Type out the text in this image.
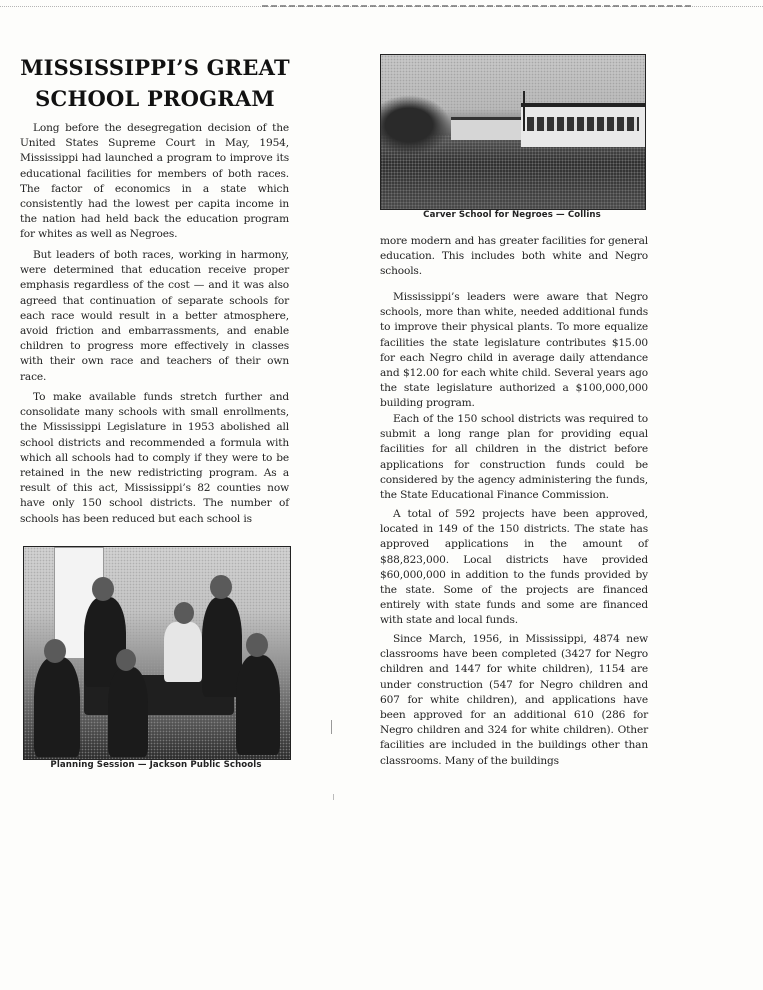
MISSISSIPPI’S GREAT
SCHOOL PROGRAM

Long before the desegregation decision of the United States Supreme Court in May, 1954, Mississippi had launched a program to improve its educational facilities for members of both races. The factor of economics in a state which consistently had the lowest per capita income in the nation had held back the education program for whites as well as Negroes.

But leaders of both races, working in harmony, were determined that education receive proper emphasis regardless of the cost — and it was also agreed that continuation of separate schools for each race would result in a better atmosphere, avoid friction and embarrassments, and enable children to progress more effectively in classes with their own race and teachers of their own race.

To make available funds stretch further and consolidate many schools with small enrollments, the Mississippi Legislature in 1953 abolished all school districts and recommended a formula with which all schools had to comply if they were to be retained in the new redistricting program. As a result of this act, Mississippi’s 82 counties now have only 150 school districts. The number of schools has been reduced but each school is

Planning Session — Jackson Public Schools
Carver School for Negroes — Collins

more modern and has greater facilities for general education. This includes both white and Negro schools.

Mississippi’s leaders were aware that Negro schools, more than white, needed additional funds to improve their physical plants. To more equalize facilities the state legislature contributes $15.00 for each Negro child in average daily attendance and $12.00 for each white child. Several years ago the state legislature authorized a $100,000,000 building program.

Each of the 150 school districts was required to submit a long range plan for providing equal facilities for all children in the district before applications for construction funds could be considered by the agency administering the funds, the State Educational Finance Commission.

A total of 592 projects have been approved, located in 149 of the 150 districts. The state has approved applications in the amount of $88,823,000. Local districts have provided $60,000,000 in addition to the funds provided by the state. Some of the projects are financed entirely with state funds and some are financed with state and local funds.

Since March, 1956, in Mississippi, 4874 new classrooms have been completed (3427 for Negro children and 1447 for white children), 1154 are under construction (547 for Negro children and 607 for white children), and applications have been approved for an additional 610 (286 for Negro children and 324 for white children). Other facilities are included in the buildings other than classrooms. Many of the buildings
